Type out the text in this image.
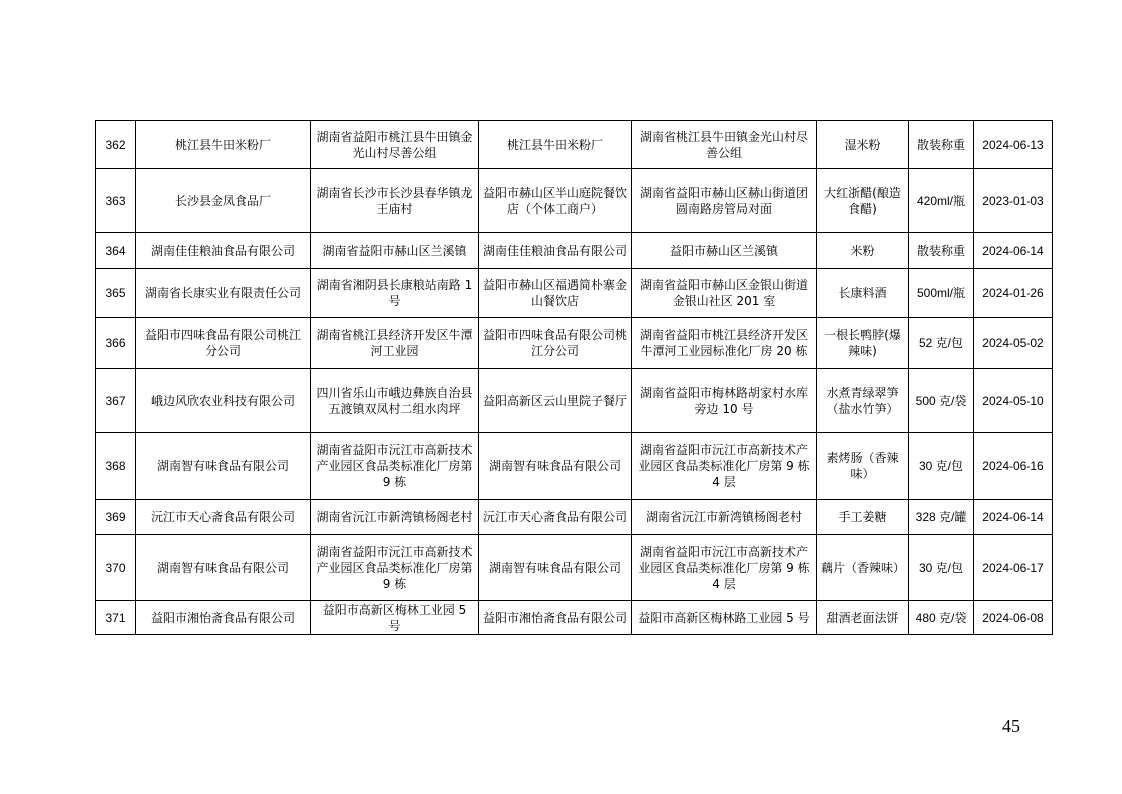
362	桃江县牛田米粉厂	湖南省益阳市桃江县牛田镇金光山村尽善公组	桃江县牛田米粉厂	湖南省桃江县牛田镇金光山村尽善公组	湿米粉	散装称重	2024-06-13
363	长沙县金凤食品厂	湖南省长沙市长沙县春华镇龙王庙村	益阳市赫山区半山庭院餐饮店（个体工商户）	湖南省益阳市赫山区赫山街道团圆南路房管局对面	大红浙醋(酿造食醋)	420ml/瓶	2023-01-03
364	湖南佳佳粮油食品有限公司	湖南省益阳市赫山区兰溪镇	湖南佳佳粮油食品有限公司	益阳市赫山区兰溪镇	米粉	散装称重	2024-06-14
365	湖南省长康实业有限责任公司	湖南省湘阴县长康粮站南路 1 号	益阳市赫山区福遇简朴寨金山餐饮店	湖南省益阳市赫山区金银山街道金银山社区 201 室	长康料酒	500ml/瓶	2024-01-26
366	益阳市四味食品有限公司桃江分公司	湖南省桃江县经济开发区牛潭河工业园	益阳市四味食品有限公司桃江分公司	湖南省益阳市桃江县经济开发区牛潭河工业园标准化厂房 20 栋	一根长鸭脖(爆辣味)	52 克/包	2024-05-02
367	峨边风欣农业科技有限公司	四川省乐山市峨边彝族自治县五渡镇双凤村二组水肉坪	益阳高新区云山里院子餐厅	湖南省益阳市梅林路胡家村水库旁边 10 号	水煮青绿翠笋（盐水竹笋）	500 克/袋	2024-05-10
368	湖南智有味食品有限公司	湖南省益阳市沅江市高新技术产业园区食品类标准化厂房第 9 栋	湖南智有味食品有限公司	湖南省益阳市沅江市高新技术产业园区食品类标准化厂房第 9 栋 4 层	素烤肠（香辣味）	30 克/包	2024-06-16
369	沅江市天心斋食品有限公司	湖南省沅江市新湾镇杨阁老村	沅江市天心斋食品有限公司	湖南省沅江市新湾镇杨阁老村	手工姜糖	328 克/罐	2024-06-14
370	湖南智有味食品有限公司	湖南省益阳市沅江市高新技术产业园区食品类标准化厂房第 9 栋	湖南智有味食品有限公司	湖南省益阳市沅江市高新技术产业园区食品类标准化厂房第 9 栋 4 层	藕片（香辣味）	30 克/包	2024-06-17
371	益阳市湘怡斋食品有限公司	益阳市高新区梅林工业园 5 号	益阳市湘怡斋食品有限公司	益阳市高新区梅林路工业园 5 号	甜酒老面法饼	480 克/袋	2024-06-08
45
